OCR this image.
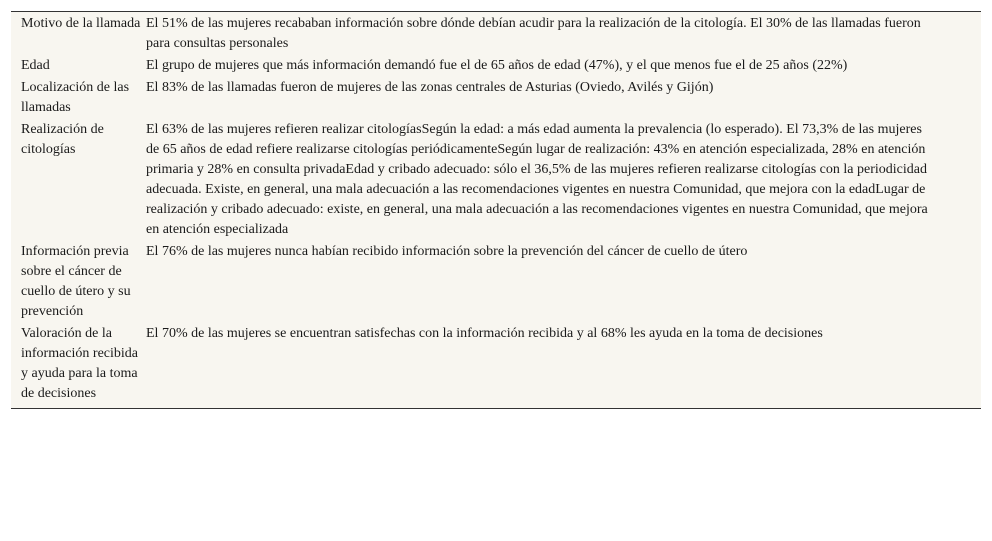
Motivo de la llamada	El 51% de las mujeres recababan información sobre dónde debían acudir para la realización de la citología. El 30% de las llamadas fueron para consultas personales
Edad	El grupo de mujeres que más información demandó fue el de 65 años de edad (47%), y el que menos fue el de 25 años (22%)
Localización de las llamadas	El 83% de las llamadas fueron de mujeres de las zonas centrales de Asturias (Oviedo, Avilés y Gijón)
Realización de citologías	El 63% de las mujeres refieren realizar citologíasSegún la edad: a más edad aumenta la prevalencia (lo esperado). El 73,3% de las mujeres de 65 años de edad refiere realizarse citologías periódicamenteSegún lugar de realización: 43% en atención especializada, 28% en atención primaria y 28% en consulta privadaEdad y cribado adecuado: sólo el 36,5% de las mujeres refieren realizarse citologías con la periodicidad adecuada. Existe, en general, una mala adecuación a las recomendaciones vigentes en nuestra Comunidad, que mejora con la edadLugar de realización y cribado adecuado: existe, en general, una mala adecuación a las recomendaciones vigentes en nuestra Comunidad, que mejora en atención especializada
Información previa sobre el cáncer de cuello de útero y su prevención	El 76% de las mujeres nunca habían recibido información sobre la prevención del cáncer de cuello de útero
Valoración de la información recibida y ayuda para la toma de decisiones	El 70% de las mujeres se encuentran satisfechas con la información recibida y al 68% les ayuda en la toma de decisiones
